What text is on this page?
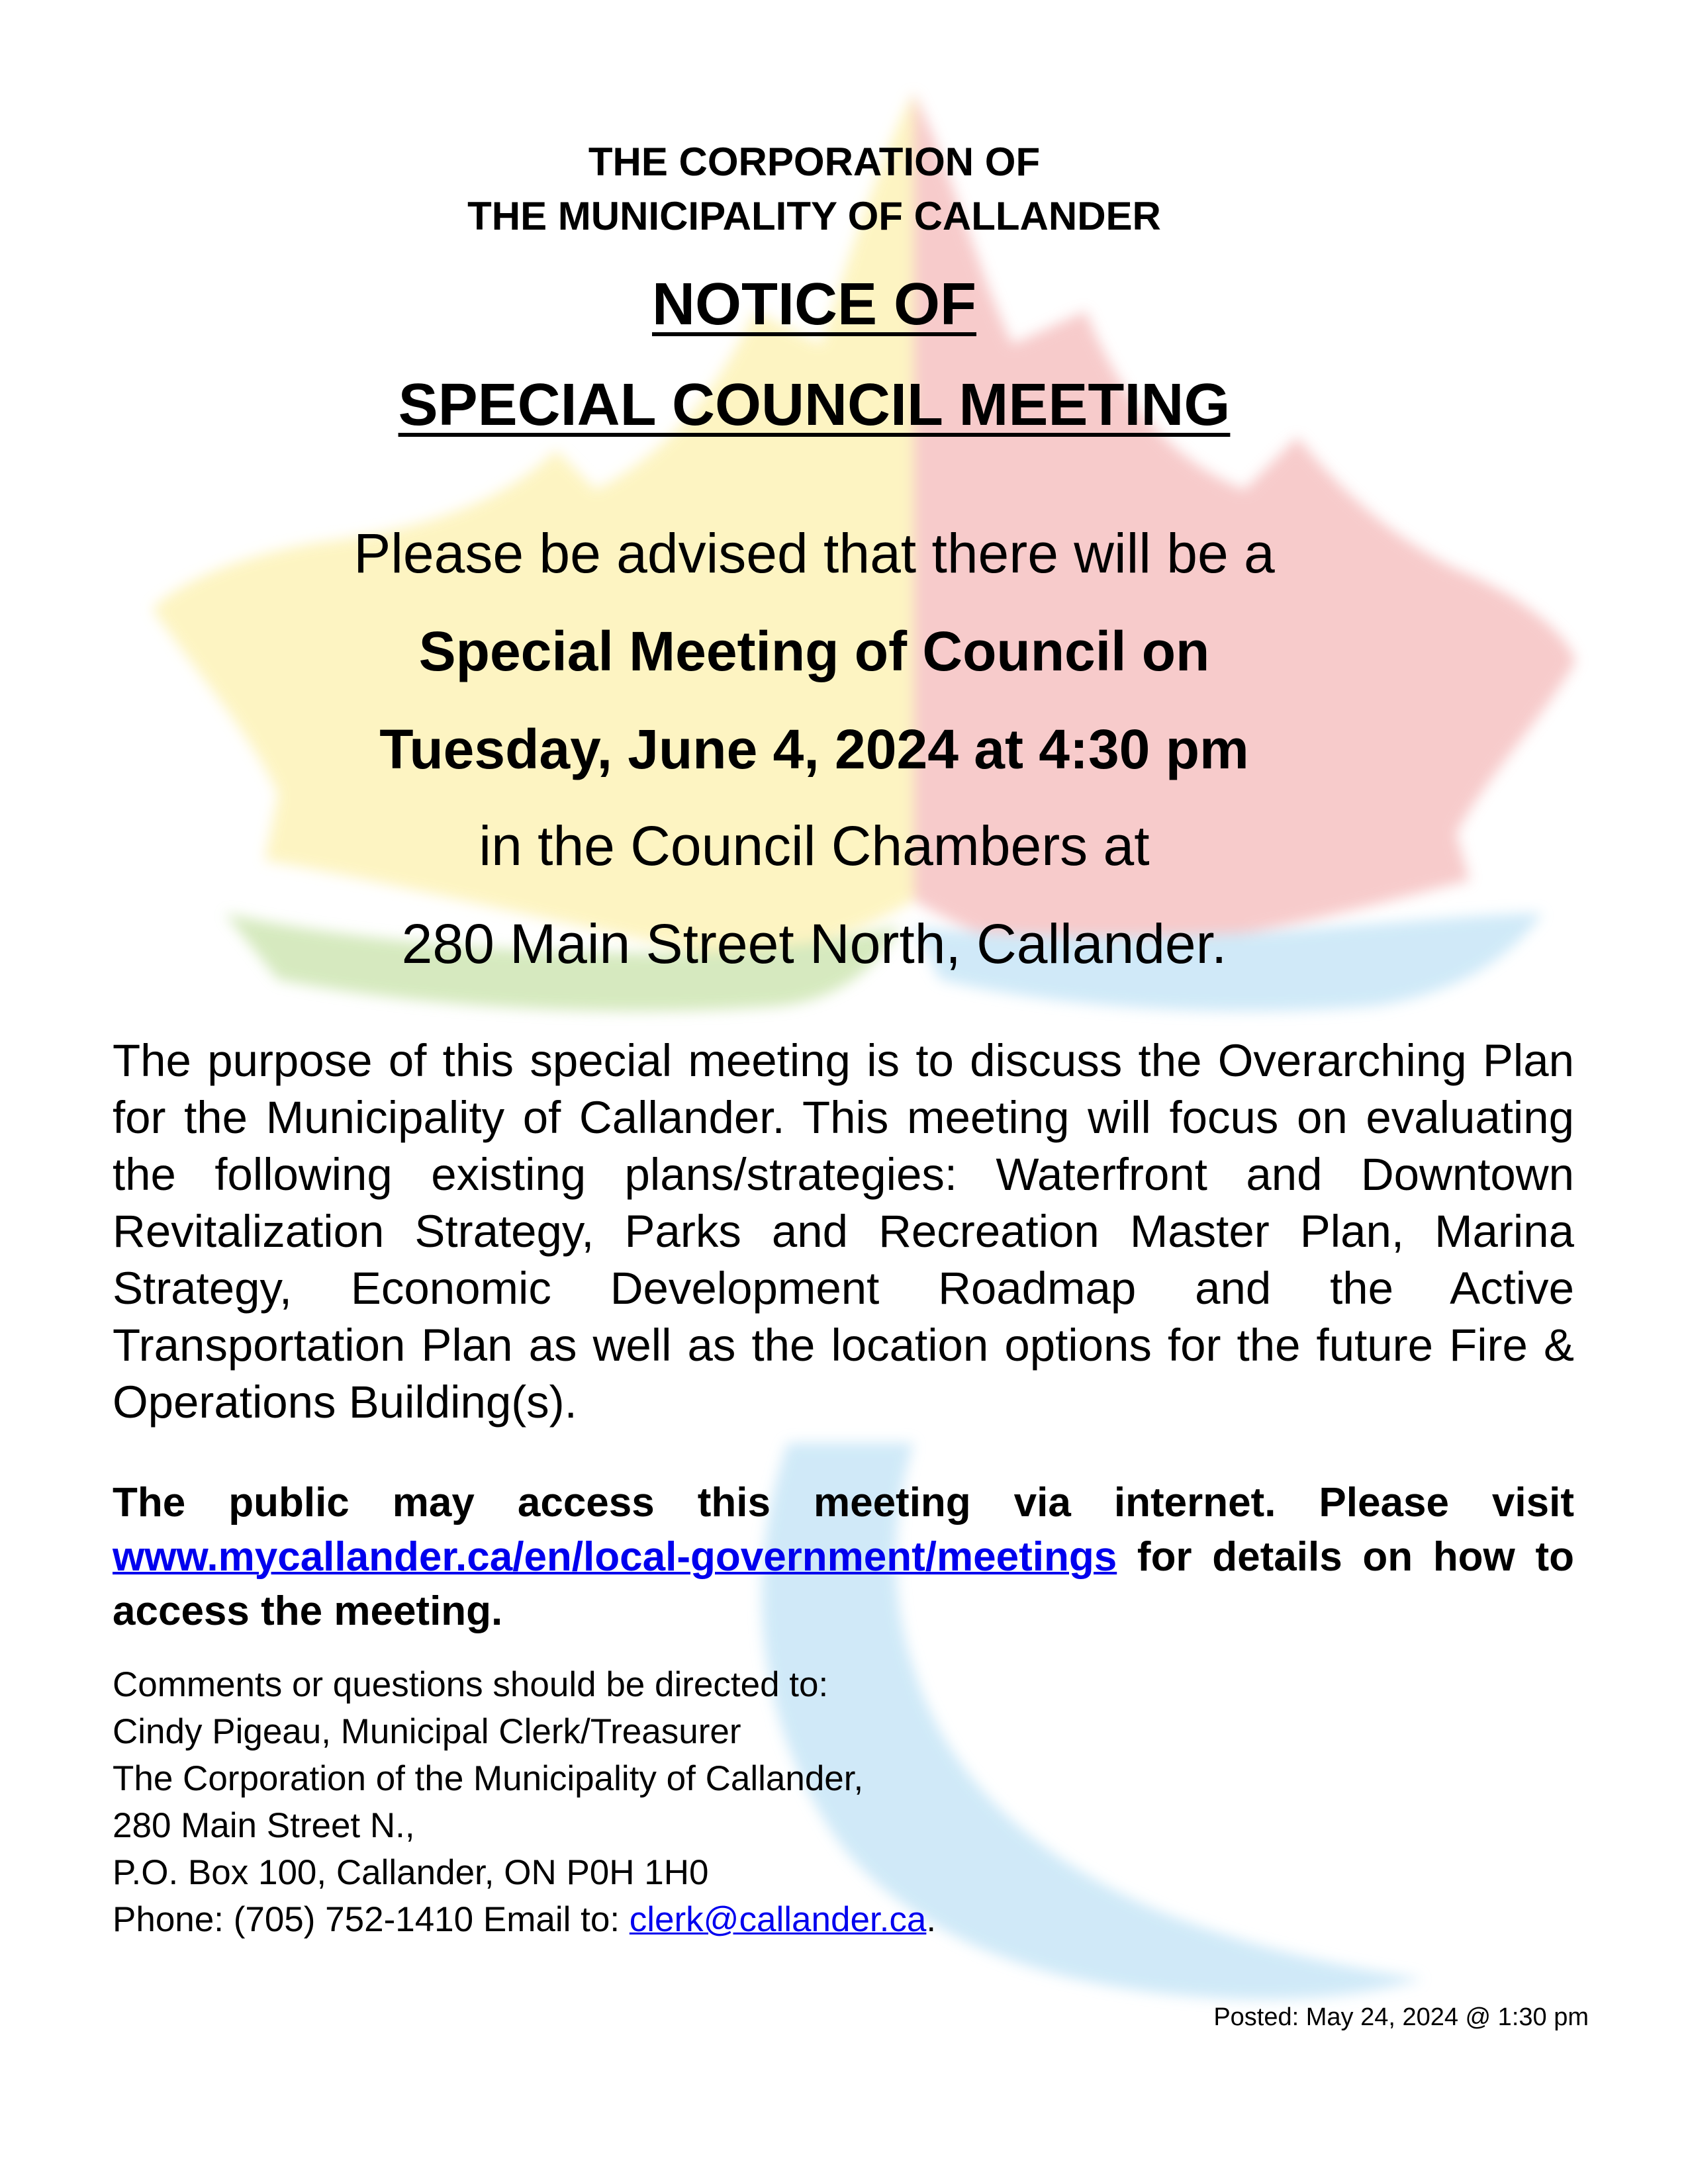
THE CORPORATION OF

THE MUNICIPALITY OF CALLANDER

NOTICE OF

SPECIAL COUNCIL MEETING

Please be advised that there will be a

Special Meeting of Council on

Tuesday, June 4, 2024 at 4:30 pm

in the Council Chambers at

280 Main Street North, Callander.

The purpose of this special meeting is to discuss the Overarching Plan for the Municipality of Callander. This meeting will focus on evaluating the following existing plans/strategies: Waterfront and Downtown Revitalization Strategy, Parks and Recreation Master Plan, Marina Strategy, Economic Development Roadmap and the Active Transportation Plan as well as the location options for the future Fire & Operations Building(s).

The public may access this meeting via internet. Please visit www.mycallander.ca/en/local-government/meetings for details on how to access the meeting.

Comments or questions should be directed to:
Cindy Pigeau, Municipal Clerk/Treasurer
The Corporation of the Municipality of Callander,
280 Main Street N.,
P.O. Box 100, Callander, ON P0H 1H0
Phone: (705) 752-1410 Email to: clerk@callander.ca.

Posted: May 24, 2024 @ 1:30 pm
